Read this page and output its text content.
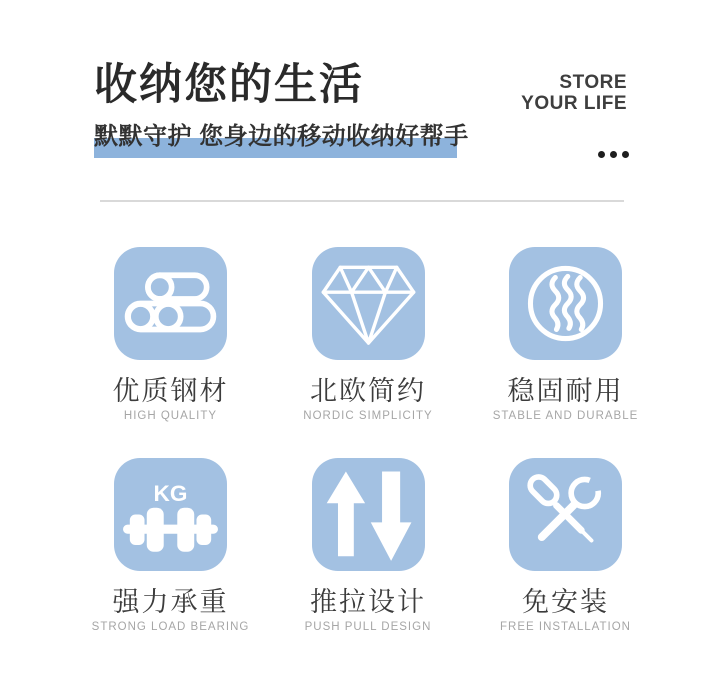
收纳您的生活	STORE
YOUR LIFE
默默守护 您身边的移动收纳好帮手
优质钢材
HIGH QUALITY
北欧简约
NORDIC SIMPLICITY
稳固耐用
STABLE AND DURABLE
KG
强力承重
STRONG LOAD BEARING
推拉设计
PUSH PULL DESIGN
免安装
FREE INSTALLATION
